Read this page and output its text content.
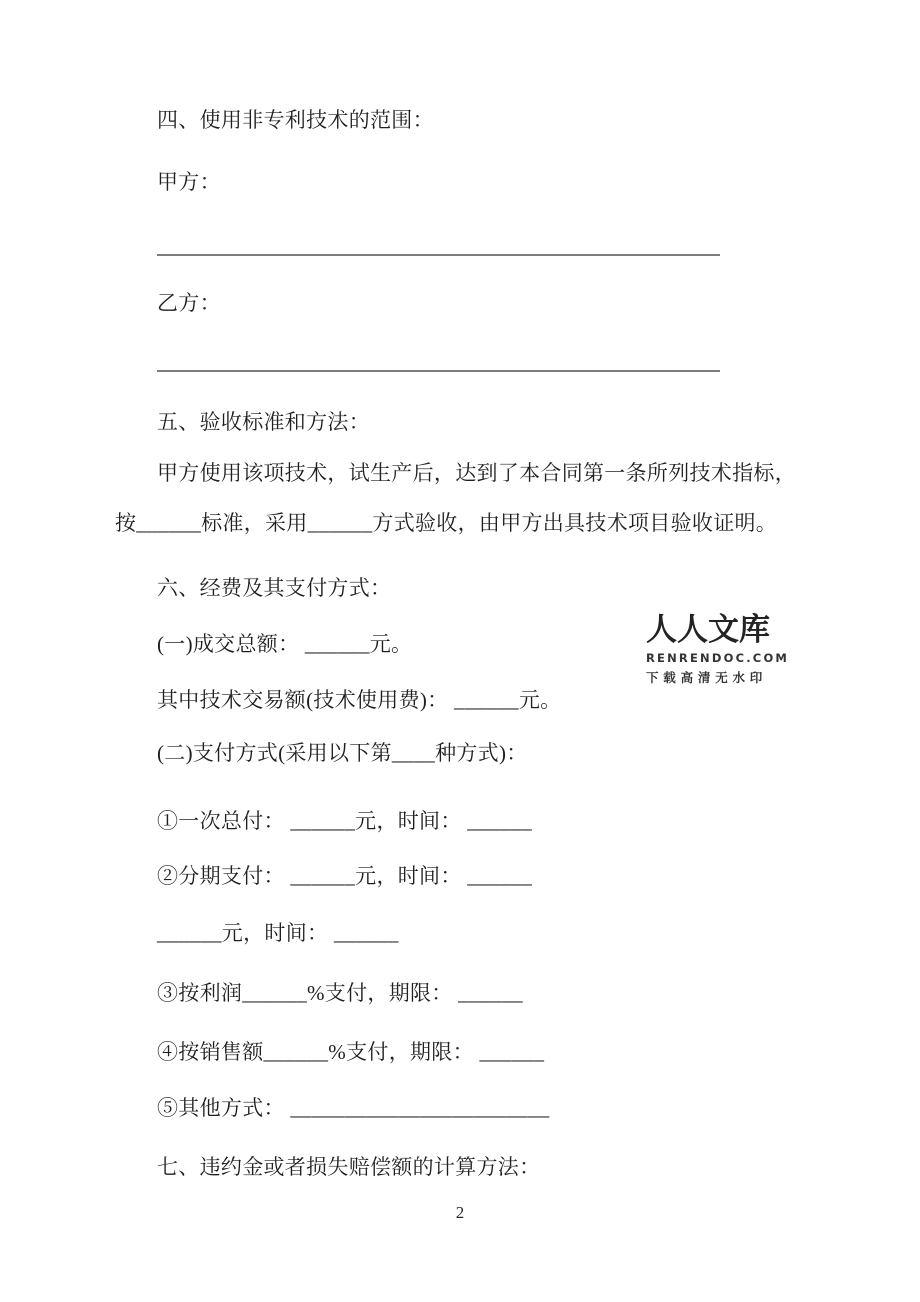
四、使用非专利技术的范围：
甲方：
乙方：
五、验收标准和方法：
甲方使用该项技术，试生产后，达到了本合同第一条所列技术指标，
按______标准，采用______方式验收，由甲方出具技术项目验收证明。
六、经费及其支付方式：
(一)成交总额： ______元。
其中技术交易额(技术使用费)： ______元。
(二)支付方式(采用以下第____种方式)：
①一次总付： ______元，时间： ______
②分期支付： ______元，时间： ______
______元，时间： ______
③按利润______%支付，期限： ______
④按销售额______%支付，期限： ______
⑤其他方式： ________________________
七、违约金或者损失赔偿额的计算方法：
人人文库
RENRENDOC.COM
下载高清无水印
2
